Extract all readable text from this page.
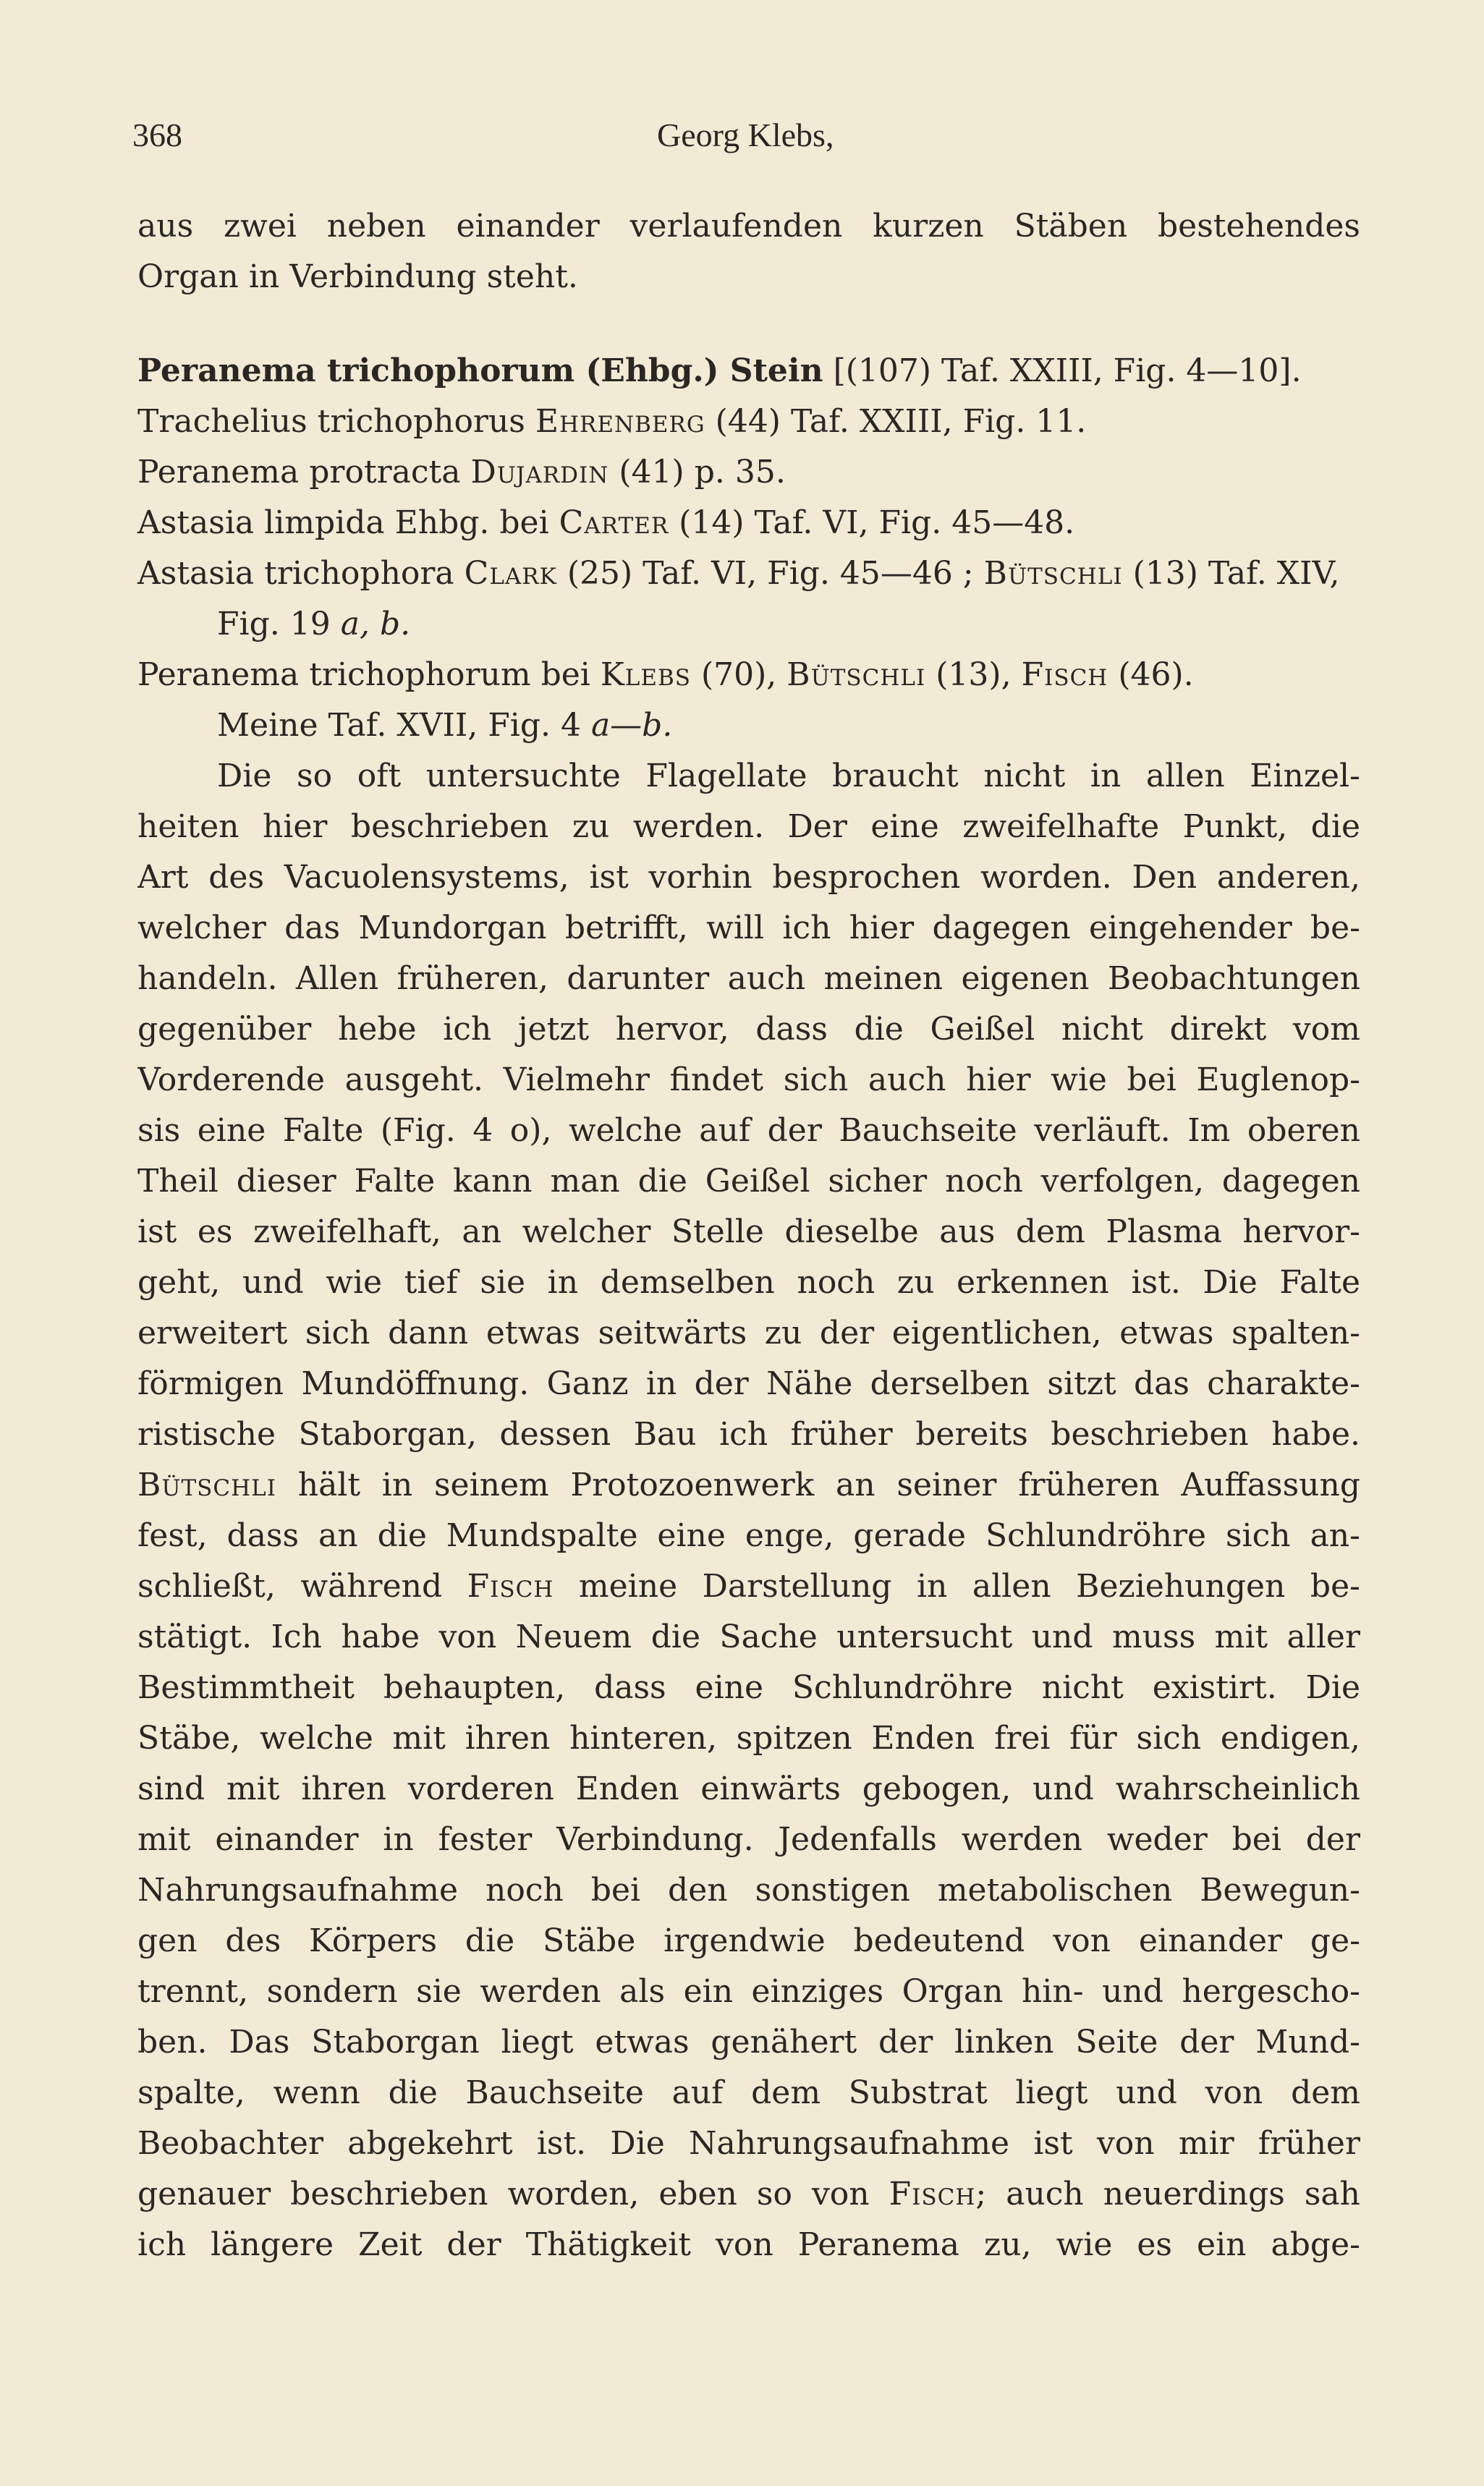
368	Georg Klebs,
aus zwei neben einander verlaufenden kurzen Stäben bestehendes
Organ in Verbindung steht.
Peranema trichophorum (Ehbg.) Stein [(107) Taf. XXIII, Fig. 4—10].
Trachelius trichophorus Ehrenberg (44) Taf. XXIII, Fig. 11.
Peranema protracta Dujardin (41) p. 35.
Astasia limpida Ehbg. bei Carter (14) Taf. VI, Fig. 45—48.
Astasia trichophora Clark (25) Taf. VI, Fig. 45—46 ; Bütschli (13) Taf. XIV,
Fig. 19 a, b.
Peranema trichophorum bei Klebs (70), Bütschli (13), Fisch (46).
Meine Taf. XVII, Fig. 4 a—b.
Die so oft untersuchte Flagellate braucht nicht in allen Einzel-
heiten hier beschrieben zu werden. Der eine zweifelhafte Punkt, die
Art des Vacuolensystems, ist vorhin besprochen worden. Den anderen,
welcher das Mundorgan betrifft, will ich hier dagegen eingehender be-
handeln. Allen früheren, darunter auch meinen eigenen Beobachtungen
gegenüber hebe ich jetzt hervor, dass die Geißel nicht direkt vom
Vorderende ausgeht. Vielmehr findet sich auch hier wie bei Euglenop-
sis eine Falte (Fig. 4 o), welche auf der Bauchseite verläuft. Im oberen
Theil dieser Falte kann man die Geißel sicher noch verfolgen, dagegen
ist es zweifelhaft, an welcher Stelle dieselbe aus dem Plasma hervor-
geht, und wie tief sie in demselben noch zu erkennen ist. Die Falte
erweitert sich dann etwas seitwärts zu der eigentlichen, etwas spalten-
förmigen Mundöffnung. Ganz in der Nähe derselben sitzt das charakte-
ristische Staborgan, dessen Bau ich früher bereits beschrieben habe.
Bütschli hält in seinem Protozoenwerk an seiner früheren Auffassung
fest, dass an die Mundspalte eine enge, gerade Schlundröhre sich an-
schließt, während Fisch meine Darstellung in allen Beziehungen be-
stätigt. Ich habe von Neuem die Sache untersucht und muss mit aller
Bestimmtheit behaupten, dass eine Schlundröhre nicht existirt. Die
Stäbe, welche mit ihren hinteren, spitzen Enden frei für sich endigen,
sind mit ihren vorderen Enden einwärts gebogen, und wahrscheinlich
mit einander in fester Verbindung. Jedenfalls werden weder bei der
Nahrungsaufnahme noch bei den sonstigen metabolischen Bewegun-
gen des Körpers die Stäbe irgendwie bedeutend von einander ge-
trennt, sondern sie werden als ein einziges Organ hin- und hergescho-
ben. Das Staborgan liegt etwas genähert der linken Seite der Mund-
spalte, wenn die Bauchseite auf dem Substrat liegt und von dem
Beobachter abgekehrt ist. Die Nahrungsaufnahme ist von mir früher
genauer beschrieben worden, eben so von Fisch; auch neuerdings sah
ich längere Zeit der Thätigkeit von Peranema zu, wie es ein abge-
